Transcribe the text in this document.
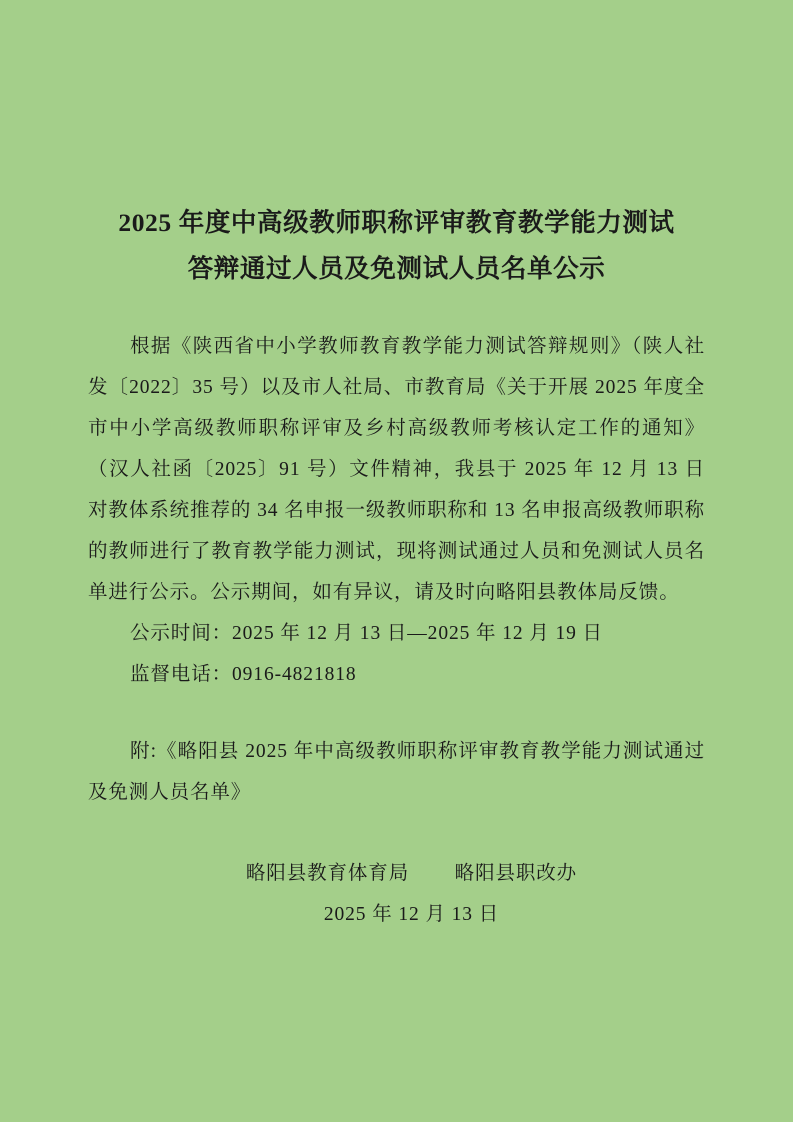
2025 年度中高级教师职称评审教育教学能力测试
答辩通过人员及免测试人员名单公示

根据《陕西省中小学教师教育教学能力测试答辩规则》（陕人社发〔2022〕35 号）以及市人社局、市教育局《关于开展 2025 年度全市中小学高级教师职称评审及乡村高级教师考核认定工作的通知》（汉人社函〔2025〕91 号）文件精神，我县于 2025 年 12 月 13 日对教体系统推荐的 34 名申报一级教师职称和 13 名申报高级教师职称的教师进行了教育教学能力测试，现将测试通过人员和免测试人员名单进行公示。公示期间，如有异议，请及时向略阳县教体局反馈。

公示时间：2025 年 12 月 13 日—2025 年 12 月 19 日

监督电话：0916-4821818

附:《略阳县 2025 年中高级教师职称评审教育教学能力测试通过及免测人员名单》

略阳县教育体育局 略阳县职改办
2025 年 12 月 13 日
